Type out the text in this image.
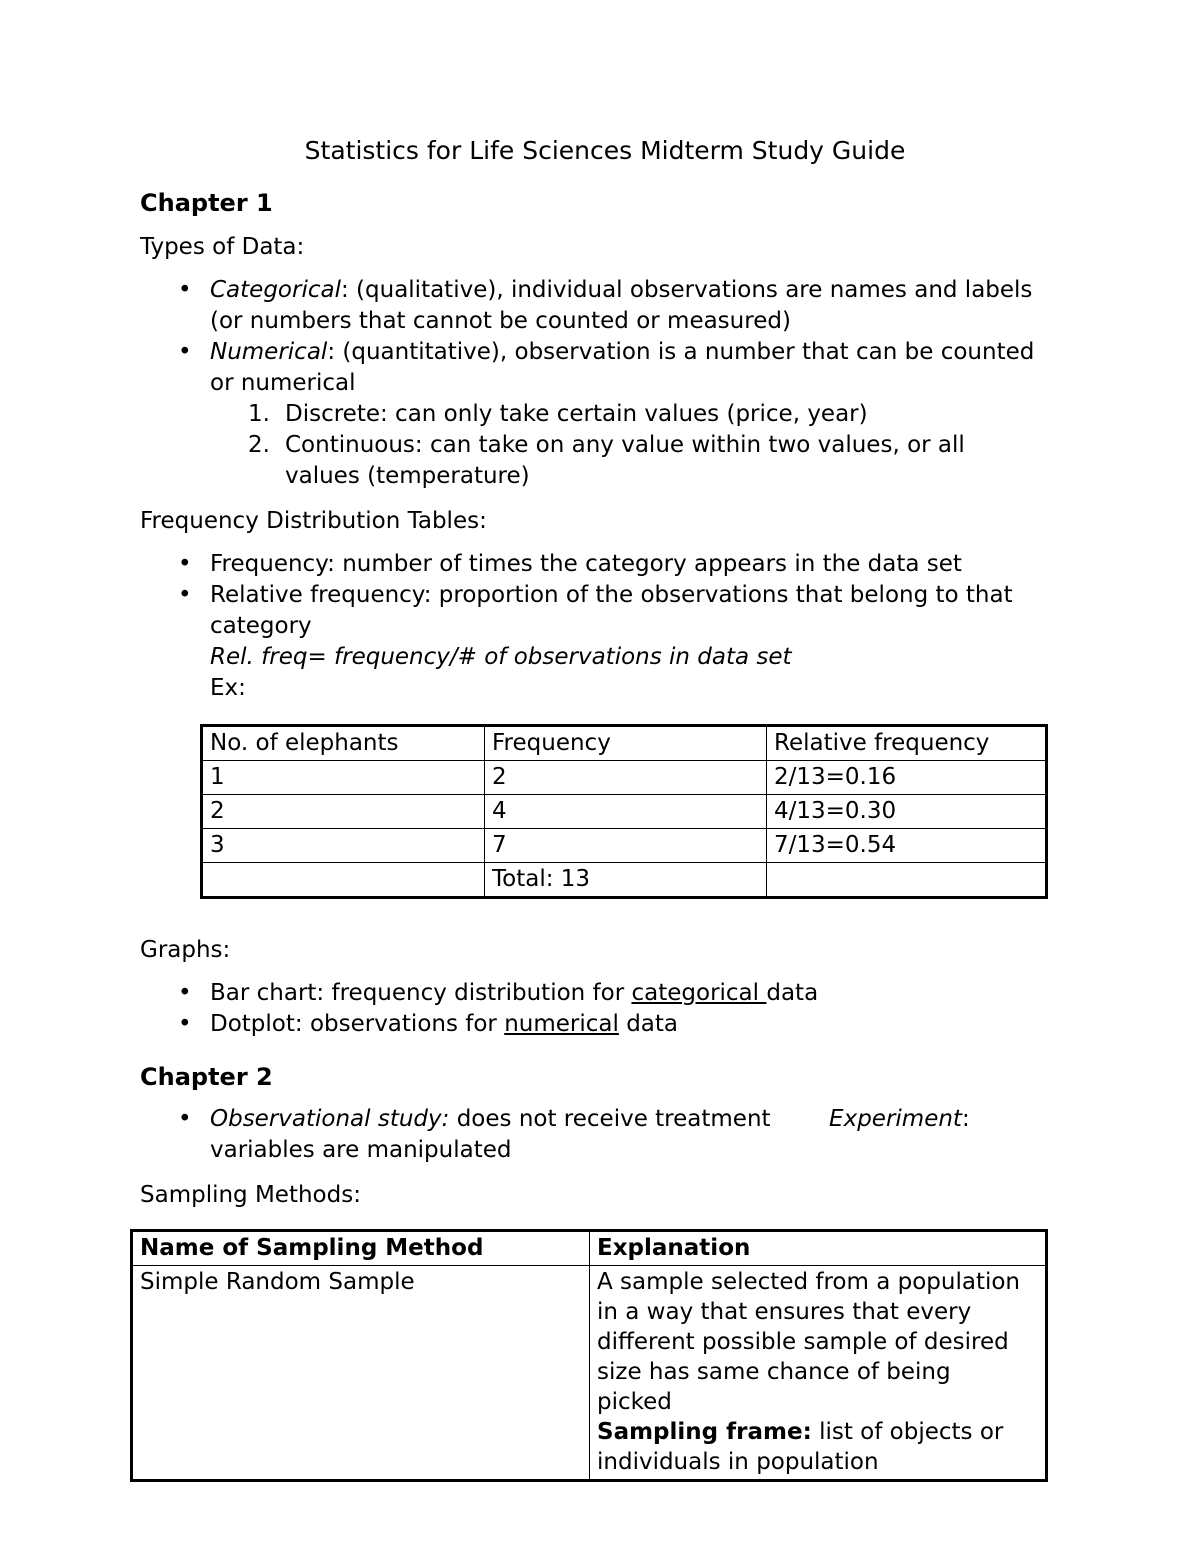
Statistics for Life Sciences Midterm Study Guide
Chapter 1
Types of Data:
• Categorical: (qualitative), individual observations are names and labels (or numbers that cannot be counted or measured)
• Numerical: (quantitative), observation is a number that can be counted or numerical
1. Discrete: can only take certain values (price, year)
2. Continuous: can take on any value within two values, or all values (temperature)
Frequency Distribution Tables:
• Frequency: number of times the category appears in the data set
• Relative frequency: proportion of the observations that belong to that category
Rel. freq= frequency/# of observations in data set
Ex:
No. of elephants	Frequency	Relative frequency
1	2	2/13=0.16
2	4	4/13=0.30
3	7	7/13=0.54
	Total: 13	
Graphs:
• Bar chart: frequency distribution for categorical data
• Dotplot: observations for numerical data
Chapter 2
• Observational study: does not receive treatment	Experiment: variables are manipulated
Sampling Methods:
Name of Sampling Method	Explanation
Simple Random Sample	A sample selected from a population
in a way that ensures that every
different possible sample of desired
size has same chance of being
picked
Sampling frame: list of objects or individuals in population
